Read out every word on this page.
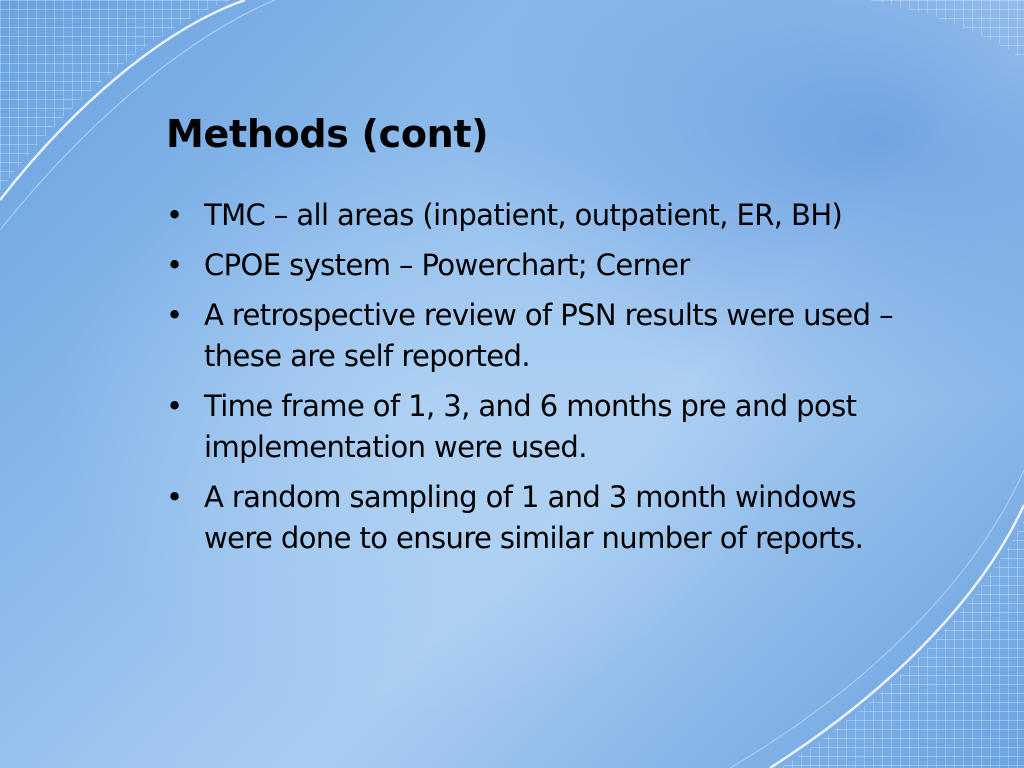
Methods (cont)
• TMC – all areas (inpatient, outpatient, ER, BH)
• CPOE system – Powerchart; Cerner
• A retrospective review of PSN results were used – these are self reported.
• Time frame of 1, 3, and 6 months pre and post implementation were used.
• A random sampling of 1 and 3 month windows were done to ensure similar number of reports.
